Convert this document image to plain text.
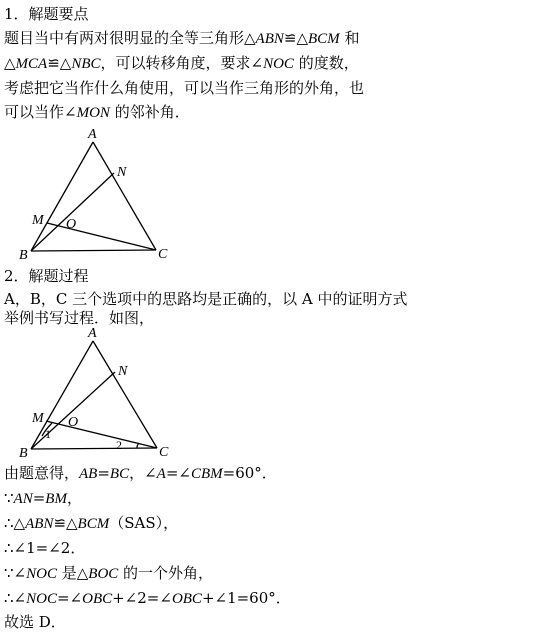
1．解题要点
题目当中有两对很明显的全等三角形△ABN≌△BCM 和
△MCA≌△NBC，可以转移角度，要求∠NOC 的度数，
考虑把它当作什么角使用，可以当作三角形的外角，也
可以当作∠MON 的邻补角．
A
N
M O
B	C
2．解题过程
A，B，C 三个选项中的思路均是正确的，以 A 中的证明方式
举例书写过程．如图，
A
N
M O
B	C
1
2
由题意得，AB=BC，∠A=∠CBM=60°．
∵AN=BM，
∴△ABN≌△BCM（SAS），
∴∠1=∠2．
∵∠NOC 是△BOC 的一个外角，
∴∠NOC=∠OBC+∠2=∠OBC+∠1=60°．
故选 D．
